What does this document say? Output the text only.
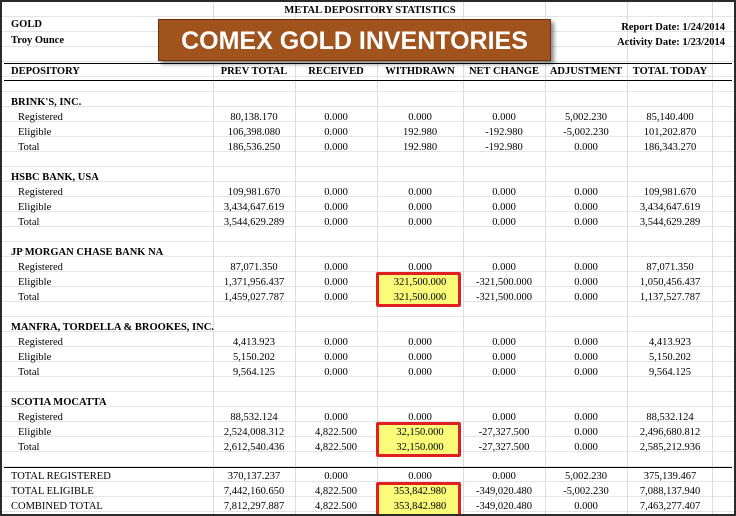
GOLD
Troy Ounce
METAL DEPOSITORY STATISTICS
Report Date: 1/24/2014
Activity Date: 1/23/2014
COMEX GOLD INVENTORIES
DEPOSITORY	PREV TOTAL	RECEIVED	WITHDRAWN	NET CHANGE	ADJUSTMENT	TOTAL TODAY
BRINK'S, INC.
Registered	80,138.170	0.000	0.000	0.000	5,002.230	85,140.400
Eligible	106,398.080	0.000	192.980	-192.980	-5,002.230	101,202.870
Total	186,536.250	0.000	192.980	-192.980	0.000	186,343.270
HSBC BANK, USA
Registered	109,981.670	0.000	0.000	0.000	0.000	109,981.670
Eligible	3,434,647.619	0.000	0.000	0.000	0.000	3,434,647.619
Total	3,544,629.289	0.000	0.000	0.000	0.000	3,544,629.289
JP MORGAN CHASE BANK NA
Registered	87,071.350	0.000	0.000	0.000	0.000	87,071.350
Eligible	1,371,956.437	0.000	321,500.000	-321,500.000	0.000	1,050,456.437
Total	1,459,027.787	0.000	321,500.000	-321,500.000	0.000	1,137,527.787
MANFRA, TORDELLA & BROOKES, INC.
Registered	4,413.923	0.000	0.000	0.000	0.000	4,413.923
Eligible	5,150.202	0.000	0.000	0.000	0.000	5,150.202
Total	9,564.125	0.000	0.000	0.000	0.000	9,564.125
SCOTIA MOCATTA
Registered	88,532.124	0.000	0.000	0.000	0.000	88,532.124
Eligible	2,524,008.312	4,822.500	32,150.000	-27,327.500	0.000	2,496,680.812
Total	2,612,540.436	4,822.500	32,150.000	-27,327.500	0.000	2,585,212.936
TOTAL REGISTERED	370,137.237	0.000	0.000	0.000	5,002.230	375,139.467
TOTAL ELIGIBLE	7,442,160.650	4,822.500	353,842.980	-349,020.480	-5,002.230	7,088,137.940
COMBINED TOTAL	7,812,297.887	4,822.500	353,842.980	-349,020.480	0.000	7,463,277.407
